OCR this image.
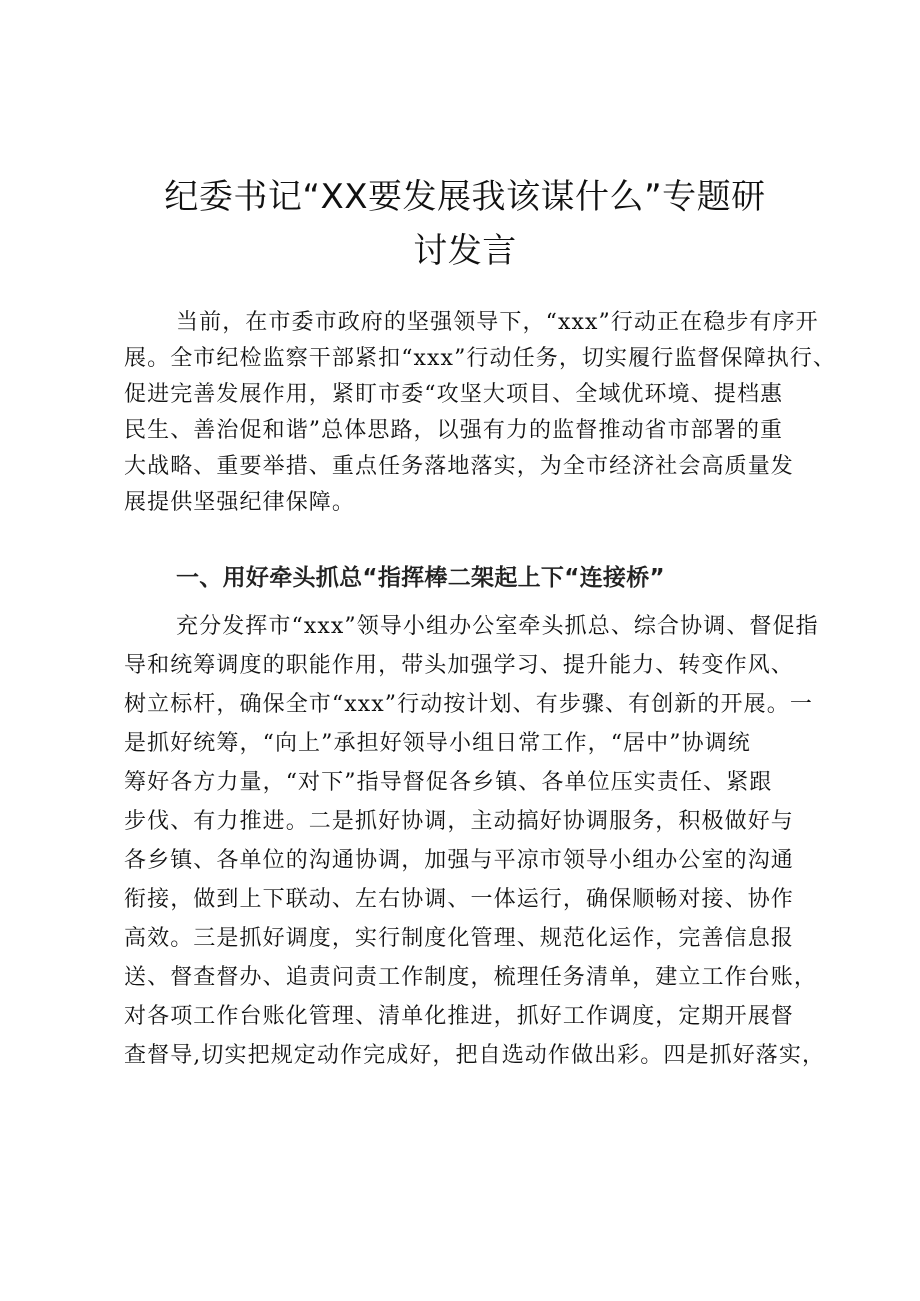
纪委书记“XX要发展我该谋什么”专题研
讨发言
当前，在市委市政府的坚强领导下，“xxx”行动正在稳步有序开
展。全市纪检监察干部紧扣“xxx”行动任务，切实履行监督保障执行、
促进完善发展作用，紧盯市委“攻坚大项目、全域优环境、提档惠
民生、善治促和谐”总体思路，以强有力的监督推动省市部署的重
大战略、重要举措、重点任务落地落实，为全市经济社会高质量发
展提供坚强纪律保障。
一、用好牵头抓总“指挥棒二架起上下“连接桥”
充分发挥市“xxx”领导小组办公室牵头抓总、综合协调、督促指
导和统筹调度的职能作用，带头加强学习、提升能力、转变作风、
树立标杆，确保全市“xxx”行动按计划、有步骤、有创新的开展。一
是抓好统筹，“向上”承担好领导小组日常工作，“居中”协调统
筹好各方力量，“对下”指导督促各乡镇、各单位压实责任、紧跟
步伐、有力推进。二是抓好协调，主动搞好协调服务，积极做好与
各乡镇、各单位的沟通协调，加强与平凉市领导小组办公室的沟通
衔接，做到上下联动、左右协调、一体运行，确保顺畅对接、协作
高效。三是抓好调度，实行制度化管理、规范化运作，完善信息报
送、督查督办、追责问责工作制度，梳理任务清单，建立工作台账，
对各项工作台账化管理、清单化推进，抓好工作调度，定期开展督
查督导,切实把规定动作完成好，把自选动作做出彩。四是抓好落实，
